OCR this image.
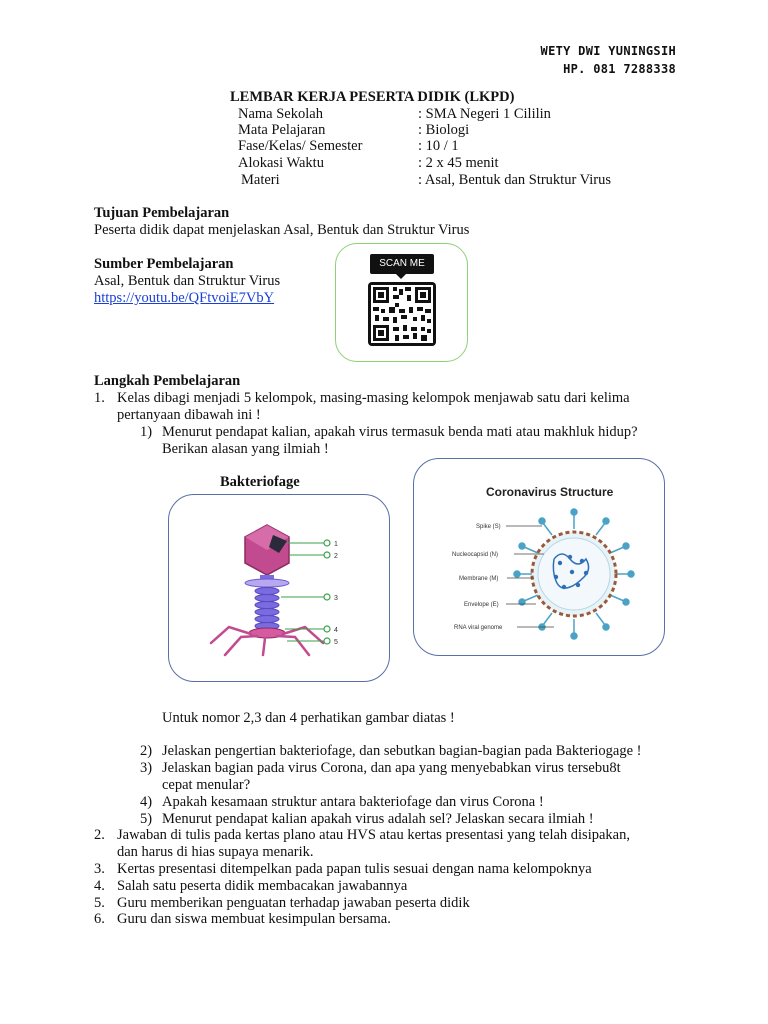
WETY DWI YUNINGSIH
HP. 081 7288338
LEMBAR KERJA PESERTA DIDIK (LKPD)
Nama Sekolah	: SMA Negeri 1 Cililin
Mata Pelajaran	: Biologi
Fase/Kelas/ Semester	: 10 / 1
Alokasi Waktu	: 2 x 45 menit
Materi	: Asal, Bentuk dan Struktur Virus
Tujuan Pembelajaran
Peserta didik dapat menjelaskan Asal, Bentuk dan Struktur Virus
Sumber Pembelajaran
Asal, Bentuk dan Struktur Virus
https://youtu.be/QFtvoiE7VbY
SCAN ME
Langkah Pembelajaran
1. Kelas dibagi menjadi 5 kelompok, masing-masing kelompok menjawab satu dari kelima
pertanyaan dibawah ini !
1) Menurut pendapat kalian, apakah virus termasuk benda mati atau makhluk hidup?
Berikan alasan yang ilmiah !
Bakteriofage
1
2
3
4
5
Coronavirus Structure
Spike (S)
Nucleocapsid (N)
Membrane (M)
Envelope (E)
RNA viral genome
Untuk nomor 2,3 dan 4 perhatikan gambar diatas !
2) Jelaskan pengertian bakteriofage, dan sebutkan bagian-bagian pada Bakteriogage !
3) Jelaskan bagian pada virus Corona, dan apa yang menyebabkan virus tersebu8t
cepat menular?
4) Apakah kesamaan struktur antara bakteriofage dan virus Corona !
5) Menurut pendapat kalian apakah virus adalah sel? Jelaskan secara ilmiah !
2. Jawaban di tulis pada kertas plano atau HVS atau kertas presentasi yang telah disipakan,
dan harus di hias supaya menarik.
3. Kertas presentasi ditempelkan pada papan tulis sesuai dengan nama kelompoknya
4. Salah satu peserta didik membacakan jawabannya
5. Guru memberikan penguatan terhadap jawaban peserta didik
6. Guru dan siswa membuat kesimpulan bersama.
